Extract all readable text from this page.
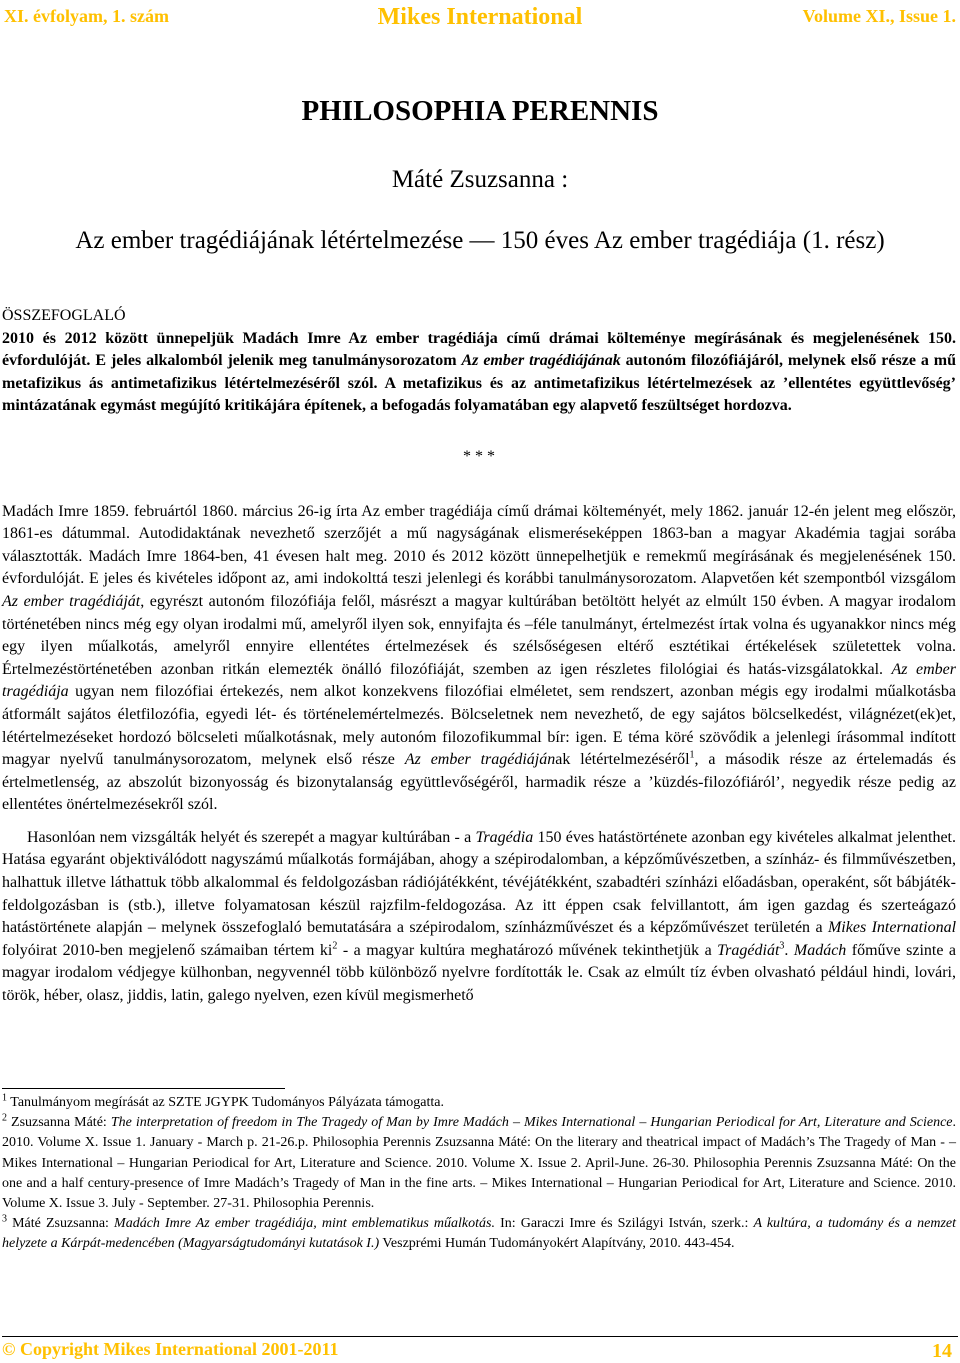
XI. évfolyam, 1. szám	Mikes International	Volume XI., Issue 1.
PHILOSOPHIA PERENNIS
Máté Zsuzsanna :
Az ember tragédiájának létértelmezése ― 150 éves Az ember tragédiája (1. rész)

ÖSSZEFOGLALÓ

2010 és 2012 között ünnepeljük Madách Imre Az ember tragédiája című drámai költeménye megírásának és megjelenésének 150. évfordulóját. E jeles alkalomból jelenik meg tanulmánysorozatom Az ember tragédiájának autonóm filozófiájáról, melynek első része a mű metafizikus ás antimetafizikus létértelmezéséről szól. A metafizikus és az antimetafizikus létértelmezések az ’ellentétes együttlevőség’ mintázatának egymást megújító kritikájára építenek, a befogadás folyamatában egy alapvető feszültséget hordozva.

* * *

Madách Imre 1859. februártól 1860. március 26-ig írta Az ember tragédiája című drámai költeményét, mely 1862. január 12-én jelent meg először, 1861-es dátummal. Autodidaktának nevezhető szerzőjét a mű nagyságának elismeréseképpen 1863-ban a magyar Akadémia tagjai sorába választották. Madách Imre 1864-ben, 41 évesen halt meg. 2010 és 2012 között ünnepelhetjük e remekmű megírásának és megjelenésének 150. évfordulóját. E jeles és kivételes időpont az, ami indokolttá teszi jelenlegi és korábbi tanulmánysorozatom. Alapvetően két szempontból vizsgálom Az ember tragédiáját, egyrészt autonóm filozófiája felől, másrészt a magyar kultúrában betöltött helyét az elmúlt 150 évben. A magyar irodalom történetében nincs még egy olyan irodalmi mű, amelyről ilyen sok, ennyifajta és –féle tanulmányt, értelmezést írtak volna és ugyanakkor nincs még egy ilyen műalkotás, amelyről ennyire ellentétes értelmezések és szélsőségesen eltérő esztétikai értékelések születettek volna. Értelmezéstörténetében azonban ritkán elemezték önálló filozófiáját, szemben az igen részletes filológiai és hatás-vizsgálatokkal. Az ember tragédiája ugyan nem filozófiai értekezés, nem alkot konzekvens filozófiai elméletet, sem rendszert, azonban mégis egy irodalmi műalkotásba átformált sajátos életfilozófia, egyedi lét- és történelemértelmezés. Bölcseletnek nem nevezhető, de egy sajátos bölcselkedést, világnézet(ek)et, létértelmezéseket hordozó bölcseleti műalkotásnak, mely autonóm filozofikummal bír: igen. E téma köré szövődik a jelenlegi írásommal indított magyar nyelvű tanulmánysorozatom, melynek első része Az ember tragédiájának létértelmezéséről$^1$, a második része az értelemadás és értelmetlenség, az abszolút bizonyosság és bizonytalanság együttlevőségéről, harmadik része a ’küzdés-filozófiáról’, negyedik része pedig az ellentétes önértelmezésekről szól.

Hasonlóan nem vizsgálták helyét és szerepét a magyar kultúrában - a Tragédia 150 éves hatástörténete azonban egy kivételes alkalmat jelenthet. Hatása egyaránt objektiválódott nagyszámú műalkotás formájában, ahogy a szépirodalomban, a képzőművészetben, a színház- és filmművészetben, halhattuk illetve láthattuk több alkalommal és feldolgozásban rádiójátékként, tévéjátékként, szabadtéri színházi előadásban, operaként, sőt bábjáték-feldolgozásban is (stb.), illetve folyamatosan készül rajzfilm-feldogozása. Az itt éppen csak felvillantott, ám igen gazdag és szerteágazó hatástörténete alapján – melynek összefoglaló bemutatására a szépirodalom, színházművészet és a képzőművészet területén a Mikes International folyóirat 2010-ben megjelenő számaiban tértem $ki^2$ - a magyar kultúra meghatározó művének tekinthetjük a Tragédiát$^3$. Madách főműve szinte a magyar irodalom védjegye külhonban, negyvennél több különböző nyelvre fordították le. Csak az elmúlt tíz évben olvasható például hindi, lovári, török, héber, olasz, jiddis, latin, galego nyelven, ezen kívül megismerhető

$^1$ Tanulmányom megírását az SZTE JGYPK Tudományos Pályázata támogatta.

$^2$ Zsuzsanna Máté: The interpretation of freedom in The Tragedy of Man by Imre Madách – Mikes International – Hungarian Periodical for Art, Literature and Science. 2010. Volume X. Issue 1. January - March p. 21-26.p. Philosophia Perennis Zsuzsanna Máté: On the literary and theatrical impact of Madách’s The Tragedy of Man - – Mikes International – Hungarian Periodical for Art, Literature and Science. 2010. Volume X. Issue 2. April-June. 26-30. Philosophia Perennis Zsuzsanna Máté: On the one and a half century-presence of Imre Madách’s Tragedy of Man in the fine arts. – Mikes International – Hungarian Periodical for Art, Literature and Science. 2010. Volume X. Issue 3. July - September. 27-31. Philosophia Perennis.

$^3$ Máté Zsuzsanna: Madách Imre Az ember tragédiája, mint emblematikus műalkotás. In: Garaczi Imre és Szilágyi István, szerk.: A kultúra, a tudomány és a nemzet helyzete a Kárpát-medencében (Magyarságtudományi kutatások I.) Veszprémi Humán Tudományokért Alapítvány, 2010. 443-454.

© Copyright Mikes International 2001-2011	14
